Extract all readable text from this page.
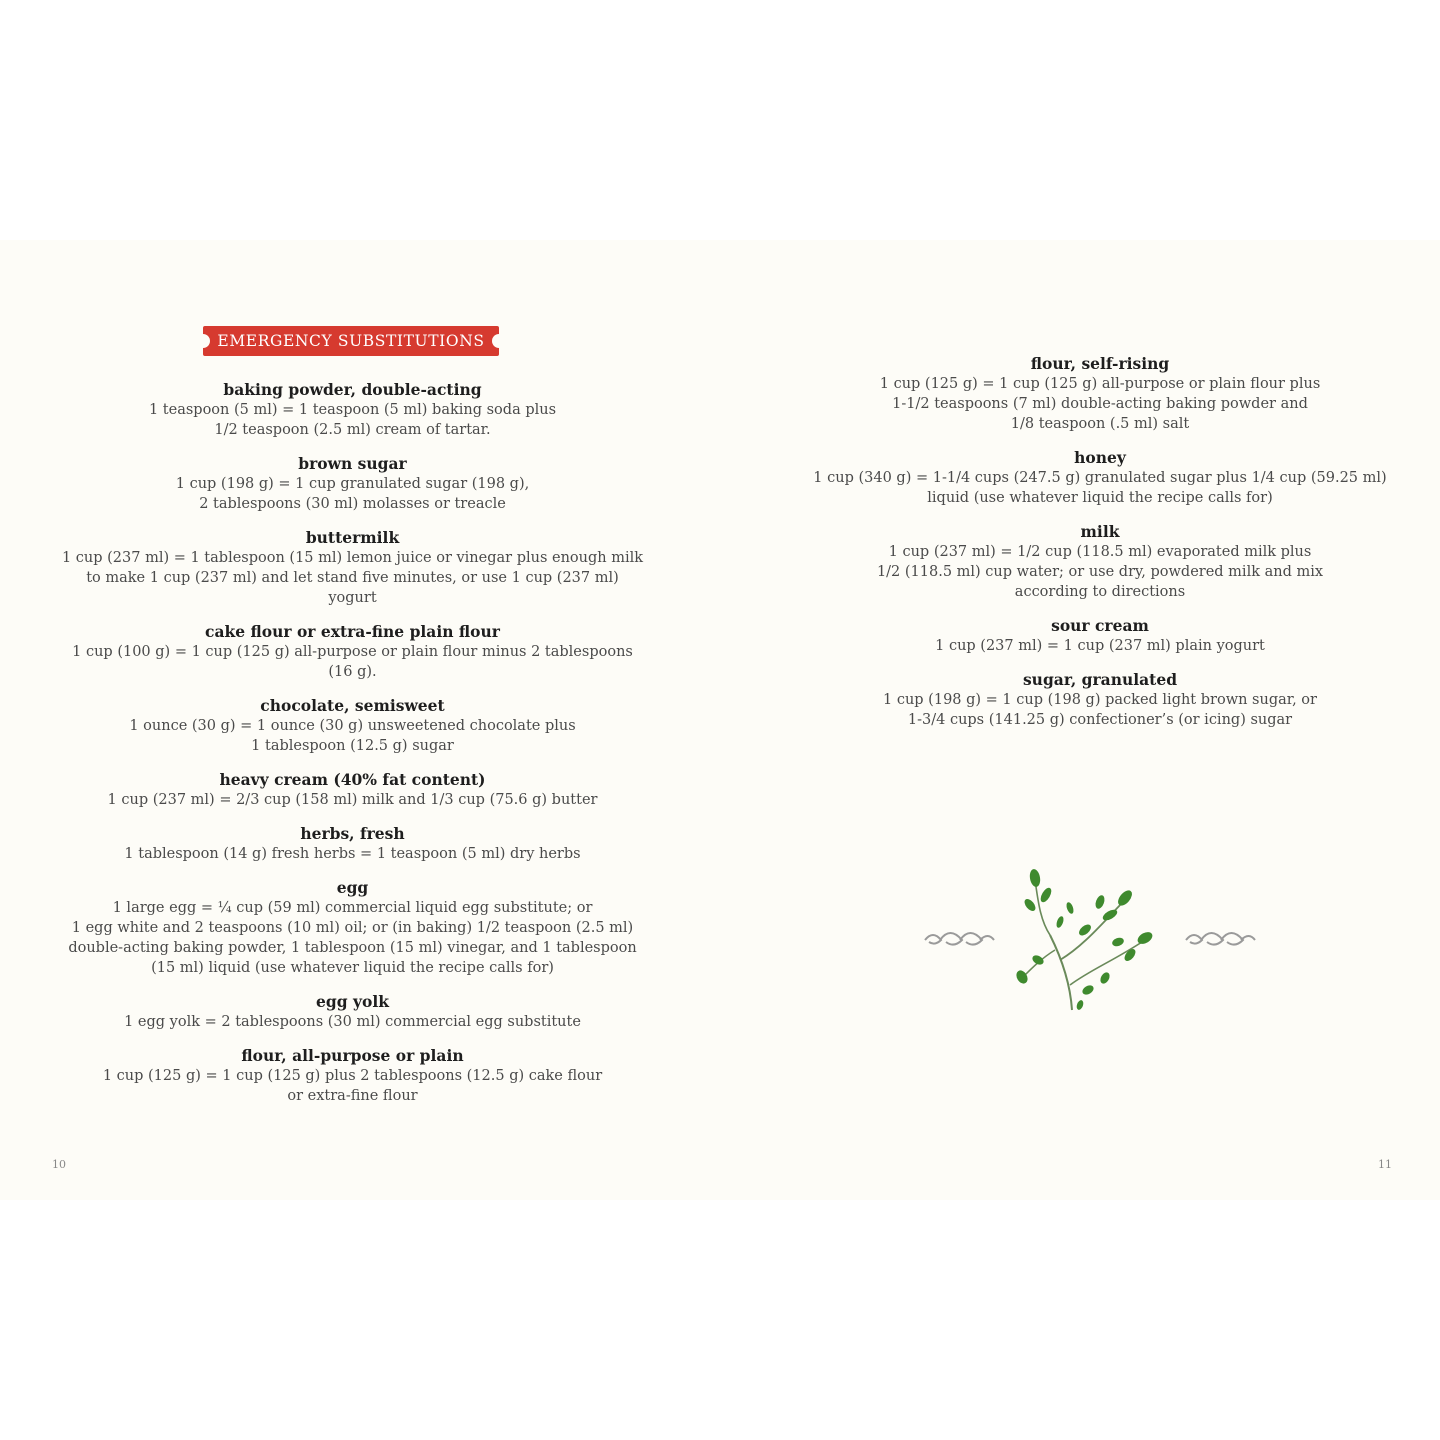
EMERGENCY SUBSTITUTIONS
baking powder, double-acting
1 teaspoon (5 ml) = 1 teaspoon (5 ml) baking soda plus
1/2 teaspoon (2.5 ml) cream of tartar.
brown sugar
1 cup (198 g) = 1 cup granulated sugar (198 g),
2 tablespoons (30 ml) molasses or treacle
buttermilk
1 cup (237 ml) = 1 tablespoon (15 ml) lemon juice or vinegar plus enough milk
to make 1 cup (237 ml) and let stand five minutes, or use 1 cup (237 ml) yogurt
cake flour or extra-fine plain flour
1 cup (100 g) = 1 cup (125 g) all-purpose or plain flour minus 2 tablespoons (16 g).
chocolate, semisweet
1 ounce (30 g) = 1 ounce (30 g) unsweetened chocolate plus
1 tablespoon (12.5 g) sugar
heavy cream (40% fat content)
1 cup (237 ml) = 2/3 cup (158 ml) milk and 1/3 cup (75.6 g) butter
herbs, fresh
1 tablespoon (14 g) fresh herbs = 1 teaspoon (5 ml) dry herbs
egg
1 large egg = ¼ cup (59 ml) commercial liquid egg substitute; or
1 egg white and 2 teaspoons (10 ml) oil; or (in baking) 1/2 teaspoon (2.5 ml)
double-acting baking powder, 1 tablespoon (15 ml) vinegar, and 1 tablespoon
(15 ml) liquid (use whatever liquid the recipe calls for)
egg yolk
1 egg yolk = 2 tablespoons (30 ml) commercial egg substitute
flour, all-purpose or plain
1 cup (125 g) = 1 cup (125 g) plus 2 tablespoons (12.5 g) cake flour
or extra-fine flour
10
flour, self-rising
1 cup (125 g) = 1 cup (125 g) all-purpose or plain flour plus
1-1/2 teaspoons (7 ml) double-acting baking powder and
1/8 teaspoon (.5 ml) salt
honey
1 cup (340 g) = 1-1/4 cups (247.5 g) granulated sugar plus 1/4 cup (59.25 ml)
liquid (use whatever liquid the recipe calls for)
milk
1 cup (237 ml) = 1/2 cup (118.5 ml) evaporated milk plus
1/2 (118.5 ml) cup water; or use dry, powdered milk and mix
according to directions
sour cream
1 cup (237 ml) = 1 cup (237 ml) plain yogurt
sugar, granulated
1 cup (198 g) = 1 cup (198 g) packed light brown sugar, or
1-3/4 cups (141.25 g) confectioner’s (or icing) sugar
11
